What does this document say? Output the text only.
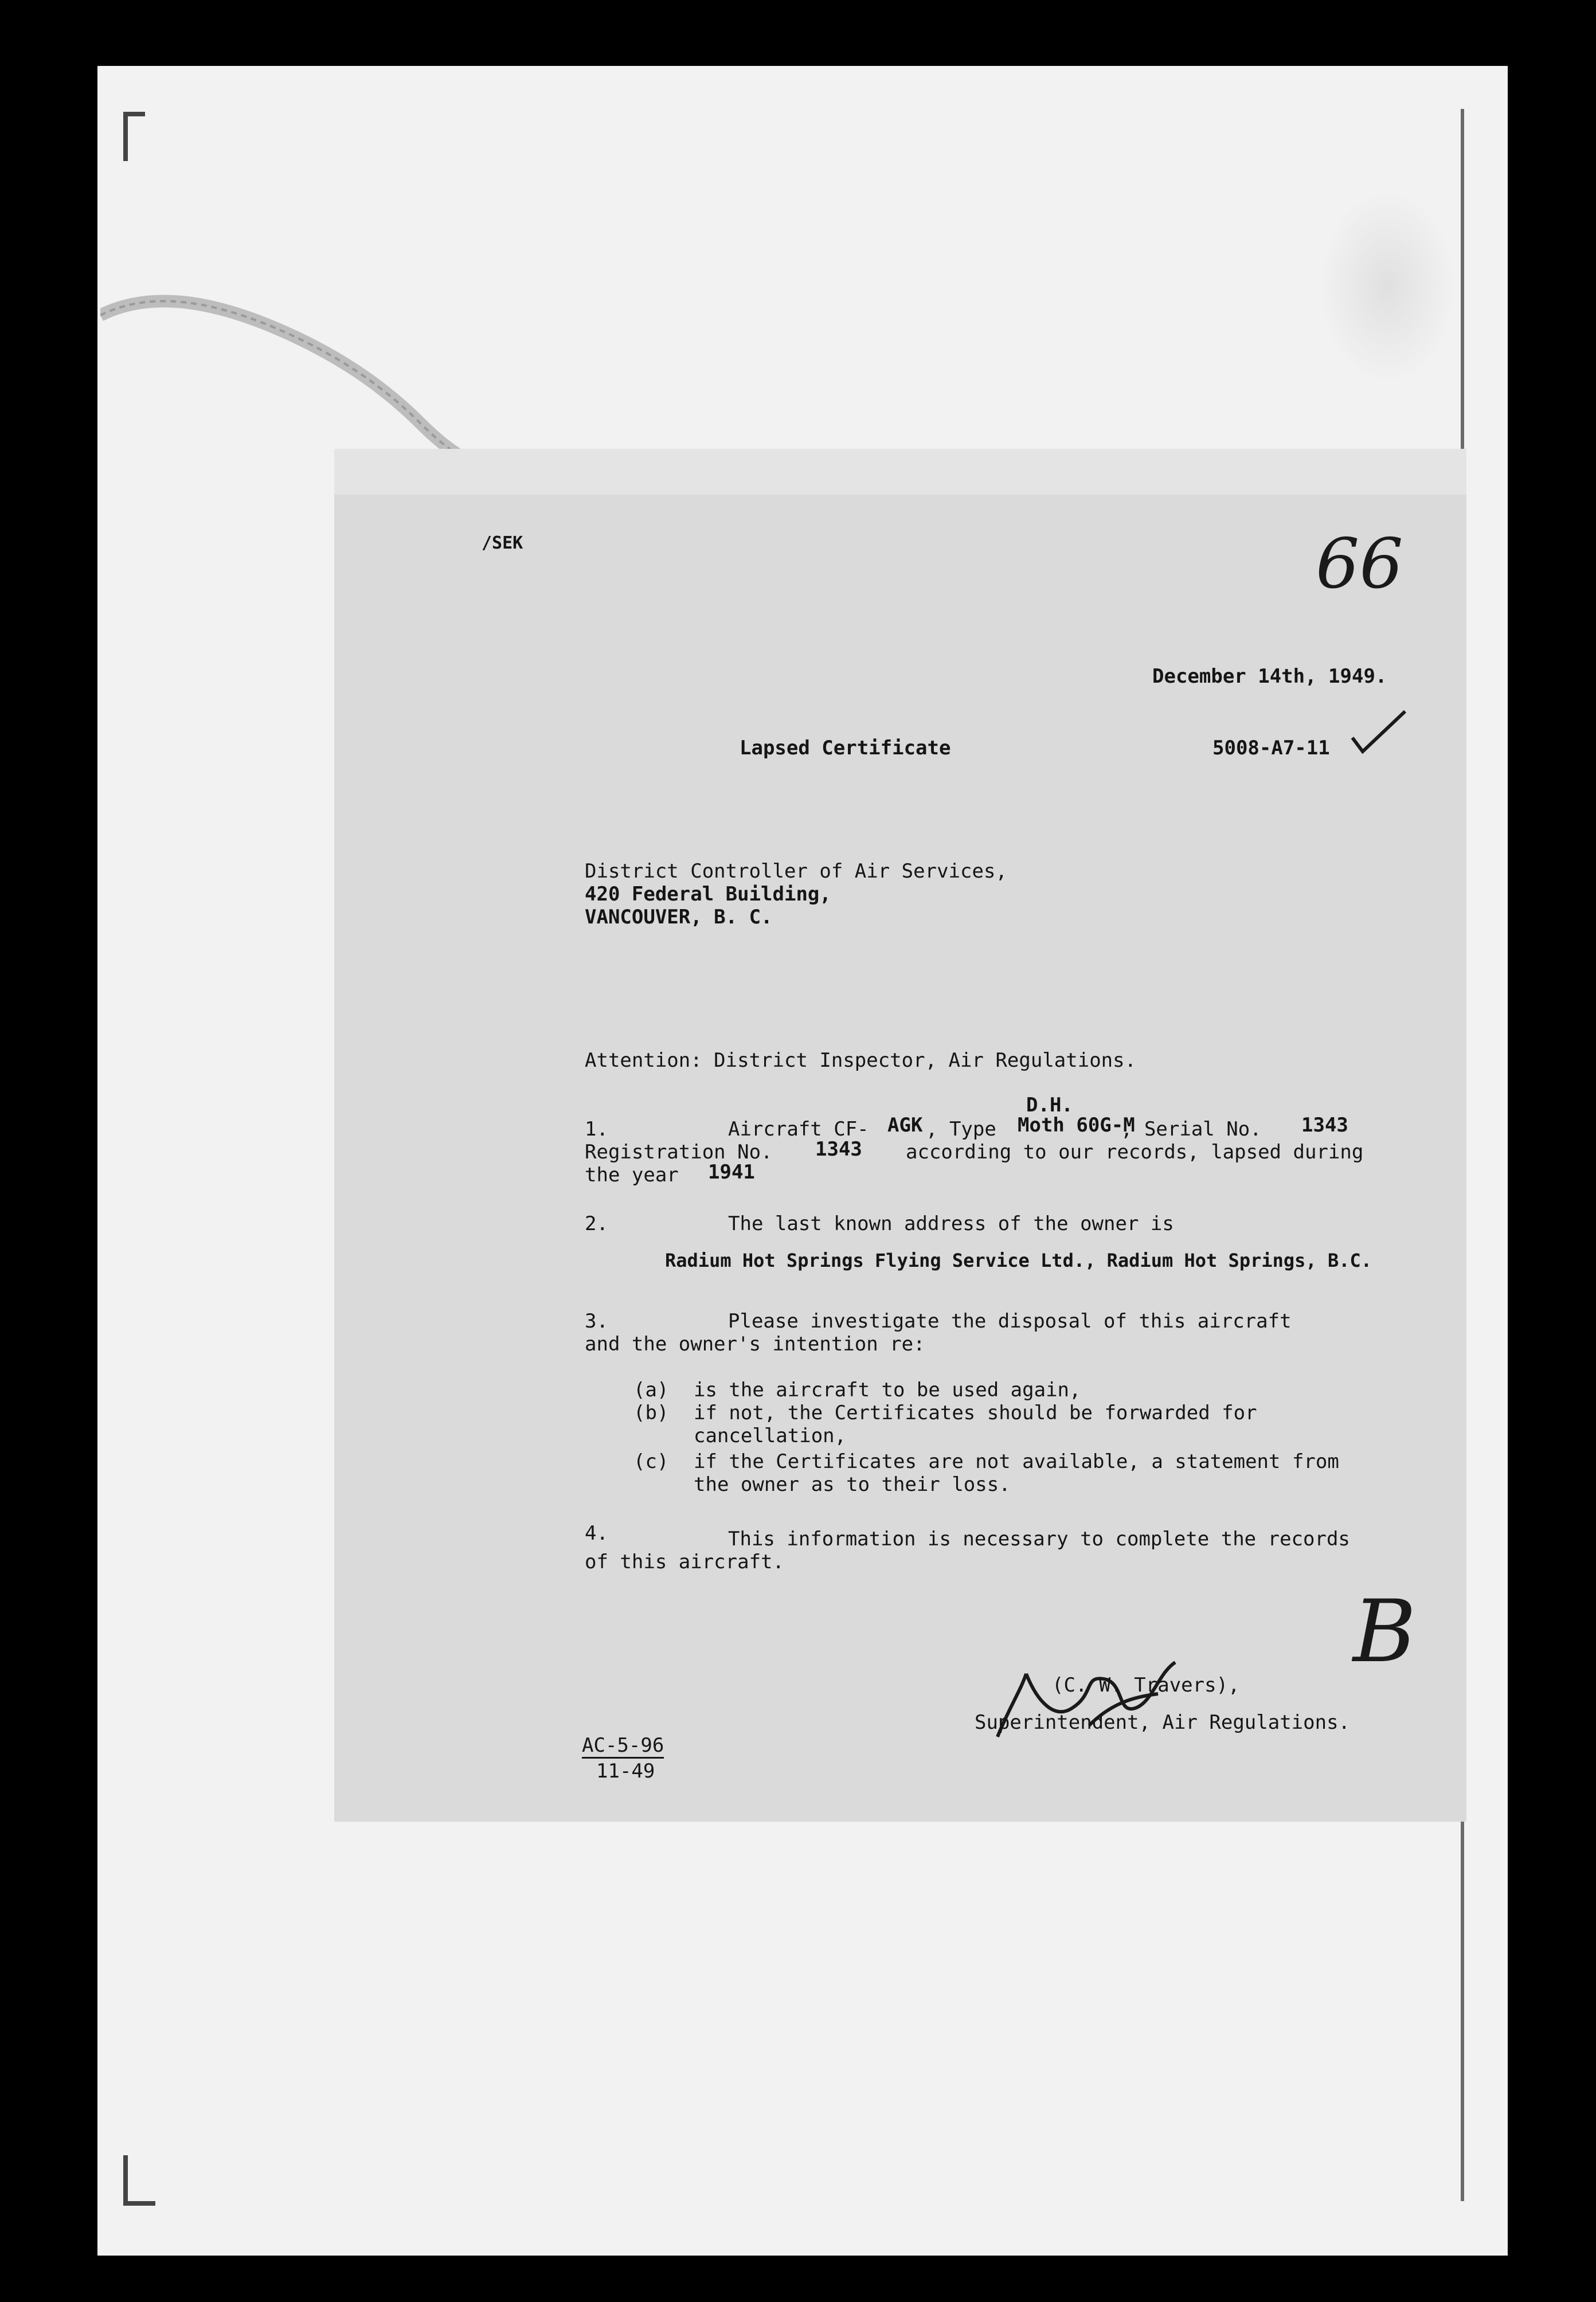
/SEK	66
December 14th, 1949.
Lapsed Certificate	5008-A7-11
District Controller of Air Services,
420 Federal Building,
VANCOUVER, B. C.
Attention: District Inspector, Air Regulations.
D.H.
1.	Aircraft CF- AGK , Type Moth 60G-M
, Serial No. 1343
Registration No. 1343 according to our records, lapsed during
the year 1941
2.	The last known address of the owner is
Radium Hot Springs Flying Service Ltd., Radium Hot Springs, B.C.
3.	Please investigate the disposal of this aircraft
and the owner's intention re:
(a) is the aircraft to be used again,
(b) if not, the Certificates should be forwarded for
cancellation,
(c) if the Certificates are not available, a statement from
the owner as to their loss.
4.	This information is necessary to complete the records
of this aircraft.
B
(C. W. Travers),
Superintendent, Air Regulations.
AC-5-96
11-49
